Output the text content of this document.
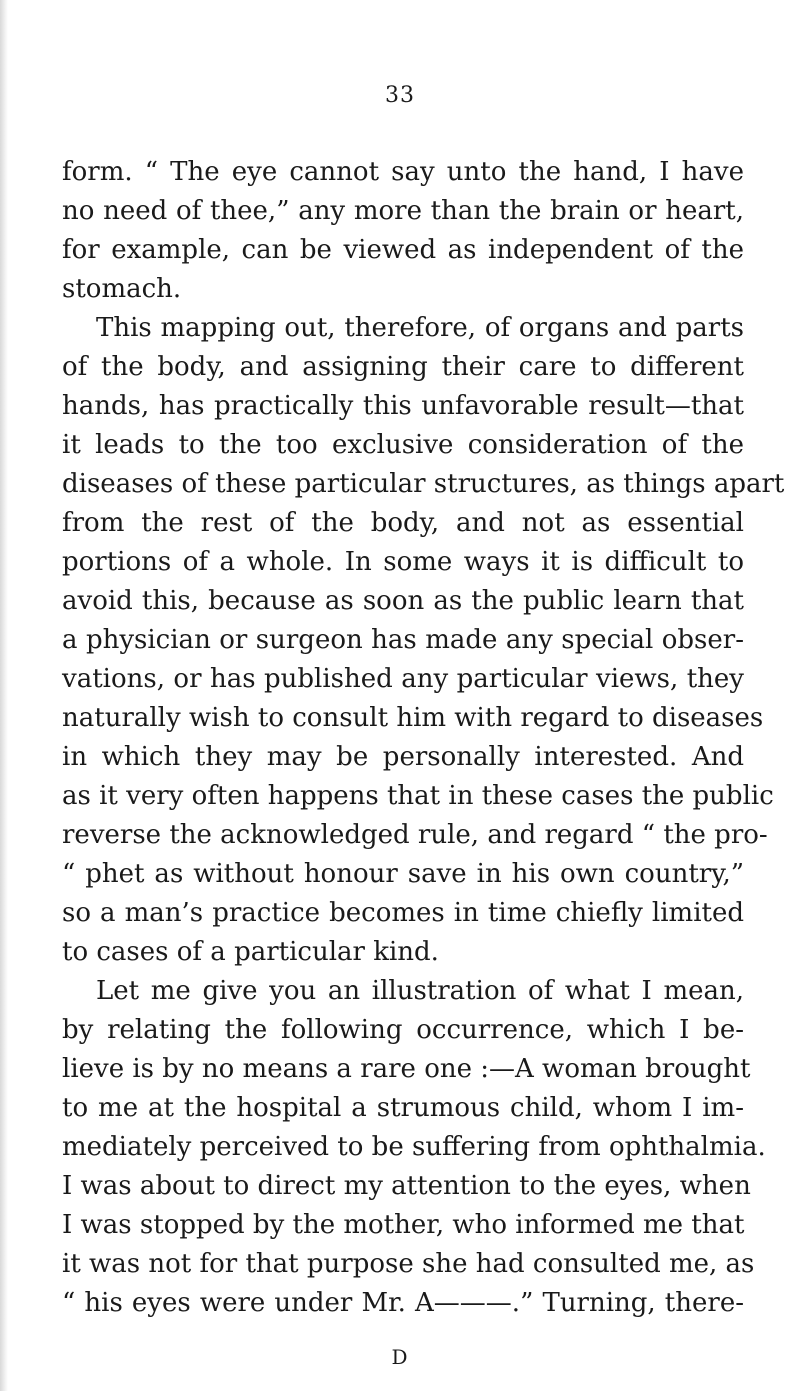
33
form. “ The eye cannot say unto the hand, I have
no need of thee,” any more than the brain or heart,
for example, can be viewed as independent of the
stomach.
This mapping out, therefore, of organs and parts
of the body, and assigning their care to different
hands, has practically this unfavorable result—that
it leads to the too exclusive consideration of the
diseases of these particular structures, as things apart
from the rest of the body, and not as essential
portions of a whole. In some ways it is difficult to
avoid this, because as soon as the public learn that
a physician or surgeon has made any special obser-
vations, or has published any particular views, they
naturally wish to consult him with regard to diseases
in which they may be personally interested. And
as it very often happens that in these cases the public
reverse the acknowledged rule, and regard “ the pro-
“ phet as without honour save in his own country,”
so a man’s practice becomes in time chiefly limited
to cases of a particular kind.
Let me give you an illustration of what I mean,
by relating the following occurrence, which I be-
lieve is by no means a rare one :—A woman brought
to me at the hospital a strumous child, whom I im-
mediately perceived to be suffering from ophthalmia.
I was about to direct my attention to the eyes, when
I was stopped by the mother, who informed me that
it was not for that purpose she had consulted me, as
“ his eyes were under Mr. A———.” Turning, there-
D
